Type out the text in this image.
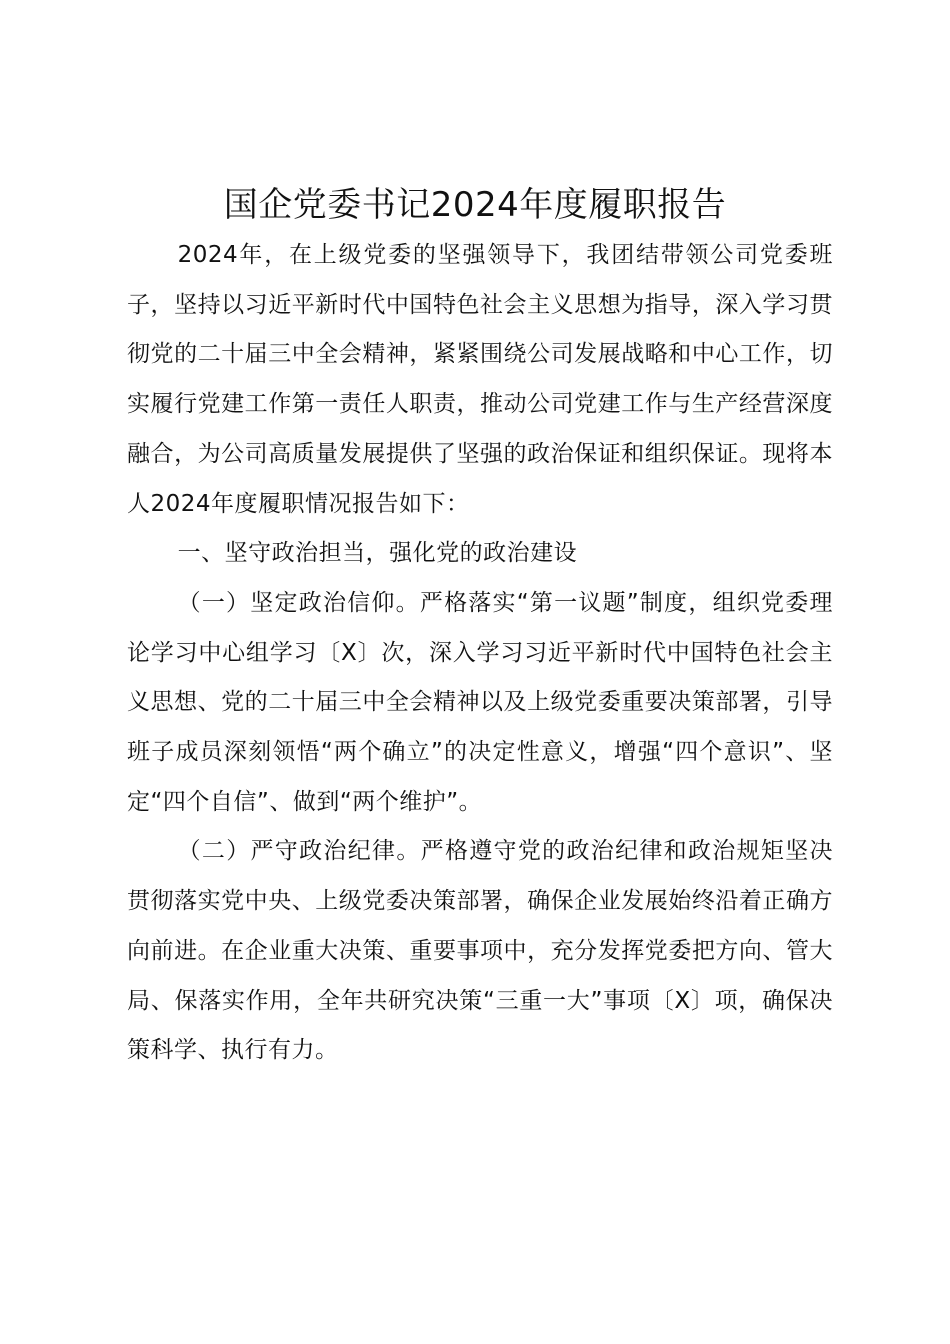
国企党委书记2024年度履职报告

2024年，在上级党委的坚强领导下，我团结带领公司党委班子，坚持以习近平新时代中国特色社会主义思想为指导，深入学习贯彻党的二十届三中全会精神，紧紧围绕公司发展战略和中心工作，切实履行党建工作第一责任人职责，推动公司党建工作与生产经营深度融合，为公司高质量发展提供了坚强的政治保证和组织保证。现将本人2024年度履职情况报告如下：

一、坚守政治担当，强化党的政治建设

（一）坚定政治信仰。严格落实“第一议题”制度，组织党委理论学习中心组学习〔X〕次，深入学习习近平新时代中国特色社会主义思想、党的二十届三中全会精神以及上级党委重要决策部署，引导班子成员深刻领悟“两个确立”的决定性意义，增强“四个意识”、坚定“四个自信”、做到“两个维护”。

（二）严守政治纪律。严格遵守党的政治纪律和政治规矩坚决贯彻落实党中央、上级党委决策部署，确保企业发展始终沿着正确方向前进。在企业重大决策、重要事项中，充分发挥党委把方向、管大局、保落实作用，全年共研究决策“三重一大”事项〔X〕项，确保决策科学、执行有力。
